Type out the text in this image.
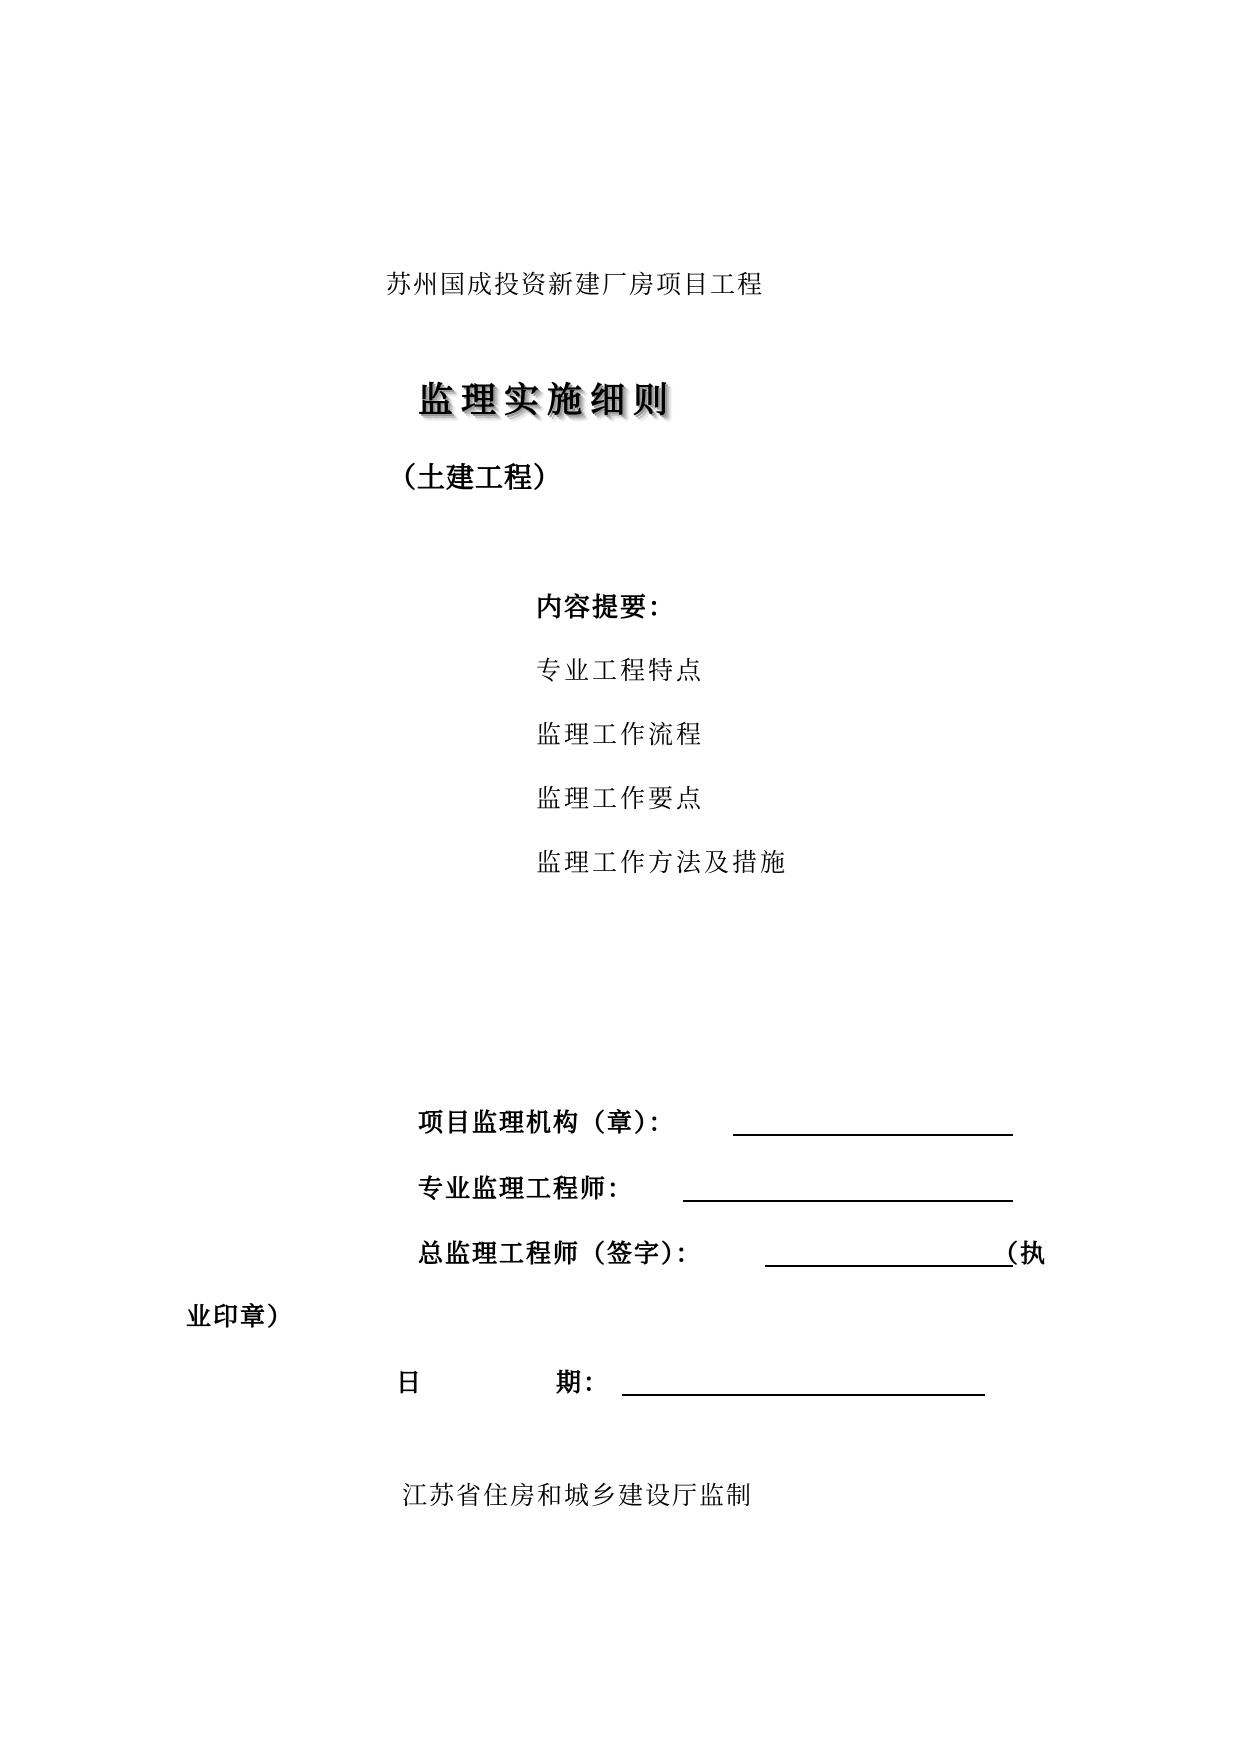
苏州国成投资新建厂房项目工程
监理实施细则
（土建工程）
内容提要：
专业工程特点
监理工作流程
监理工作要点
监理工作方法及措施
项目监理机构（章）：
专业监理工程师：
总监理工程师（签字）：	（执
业印章）
日	期：
江苏省住房和城乡建设厅监制
